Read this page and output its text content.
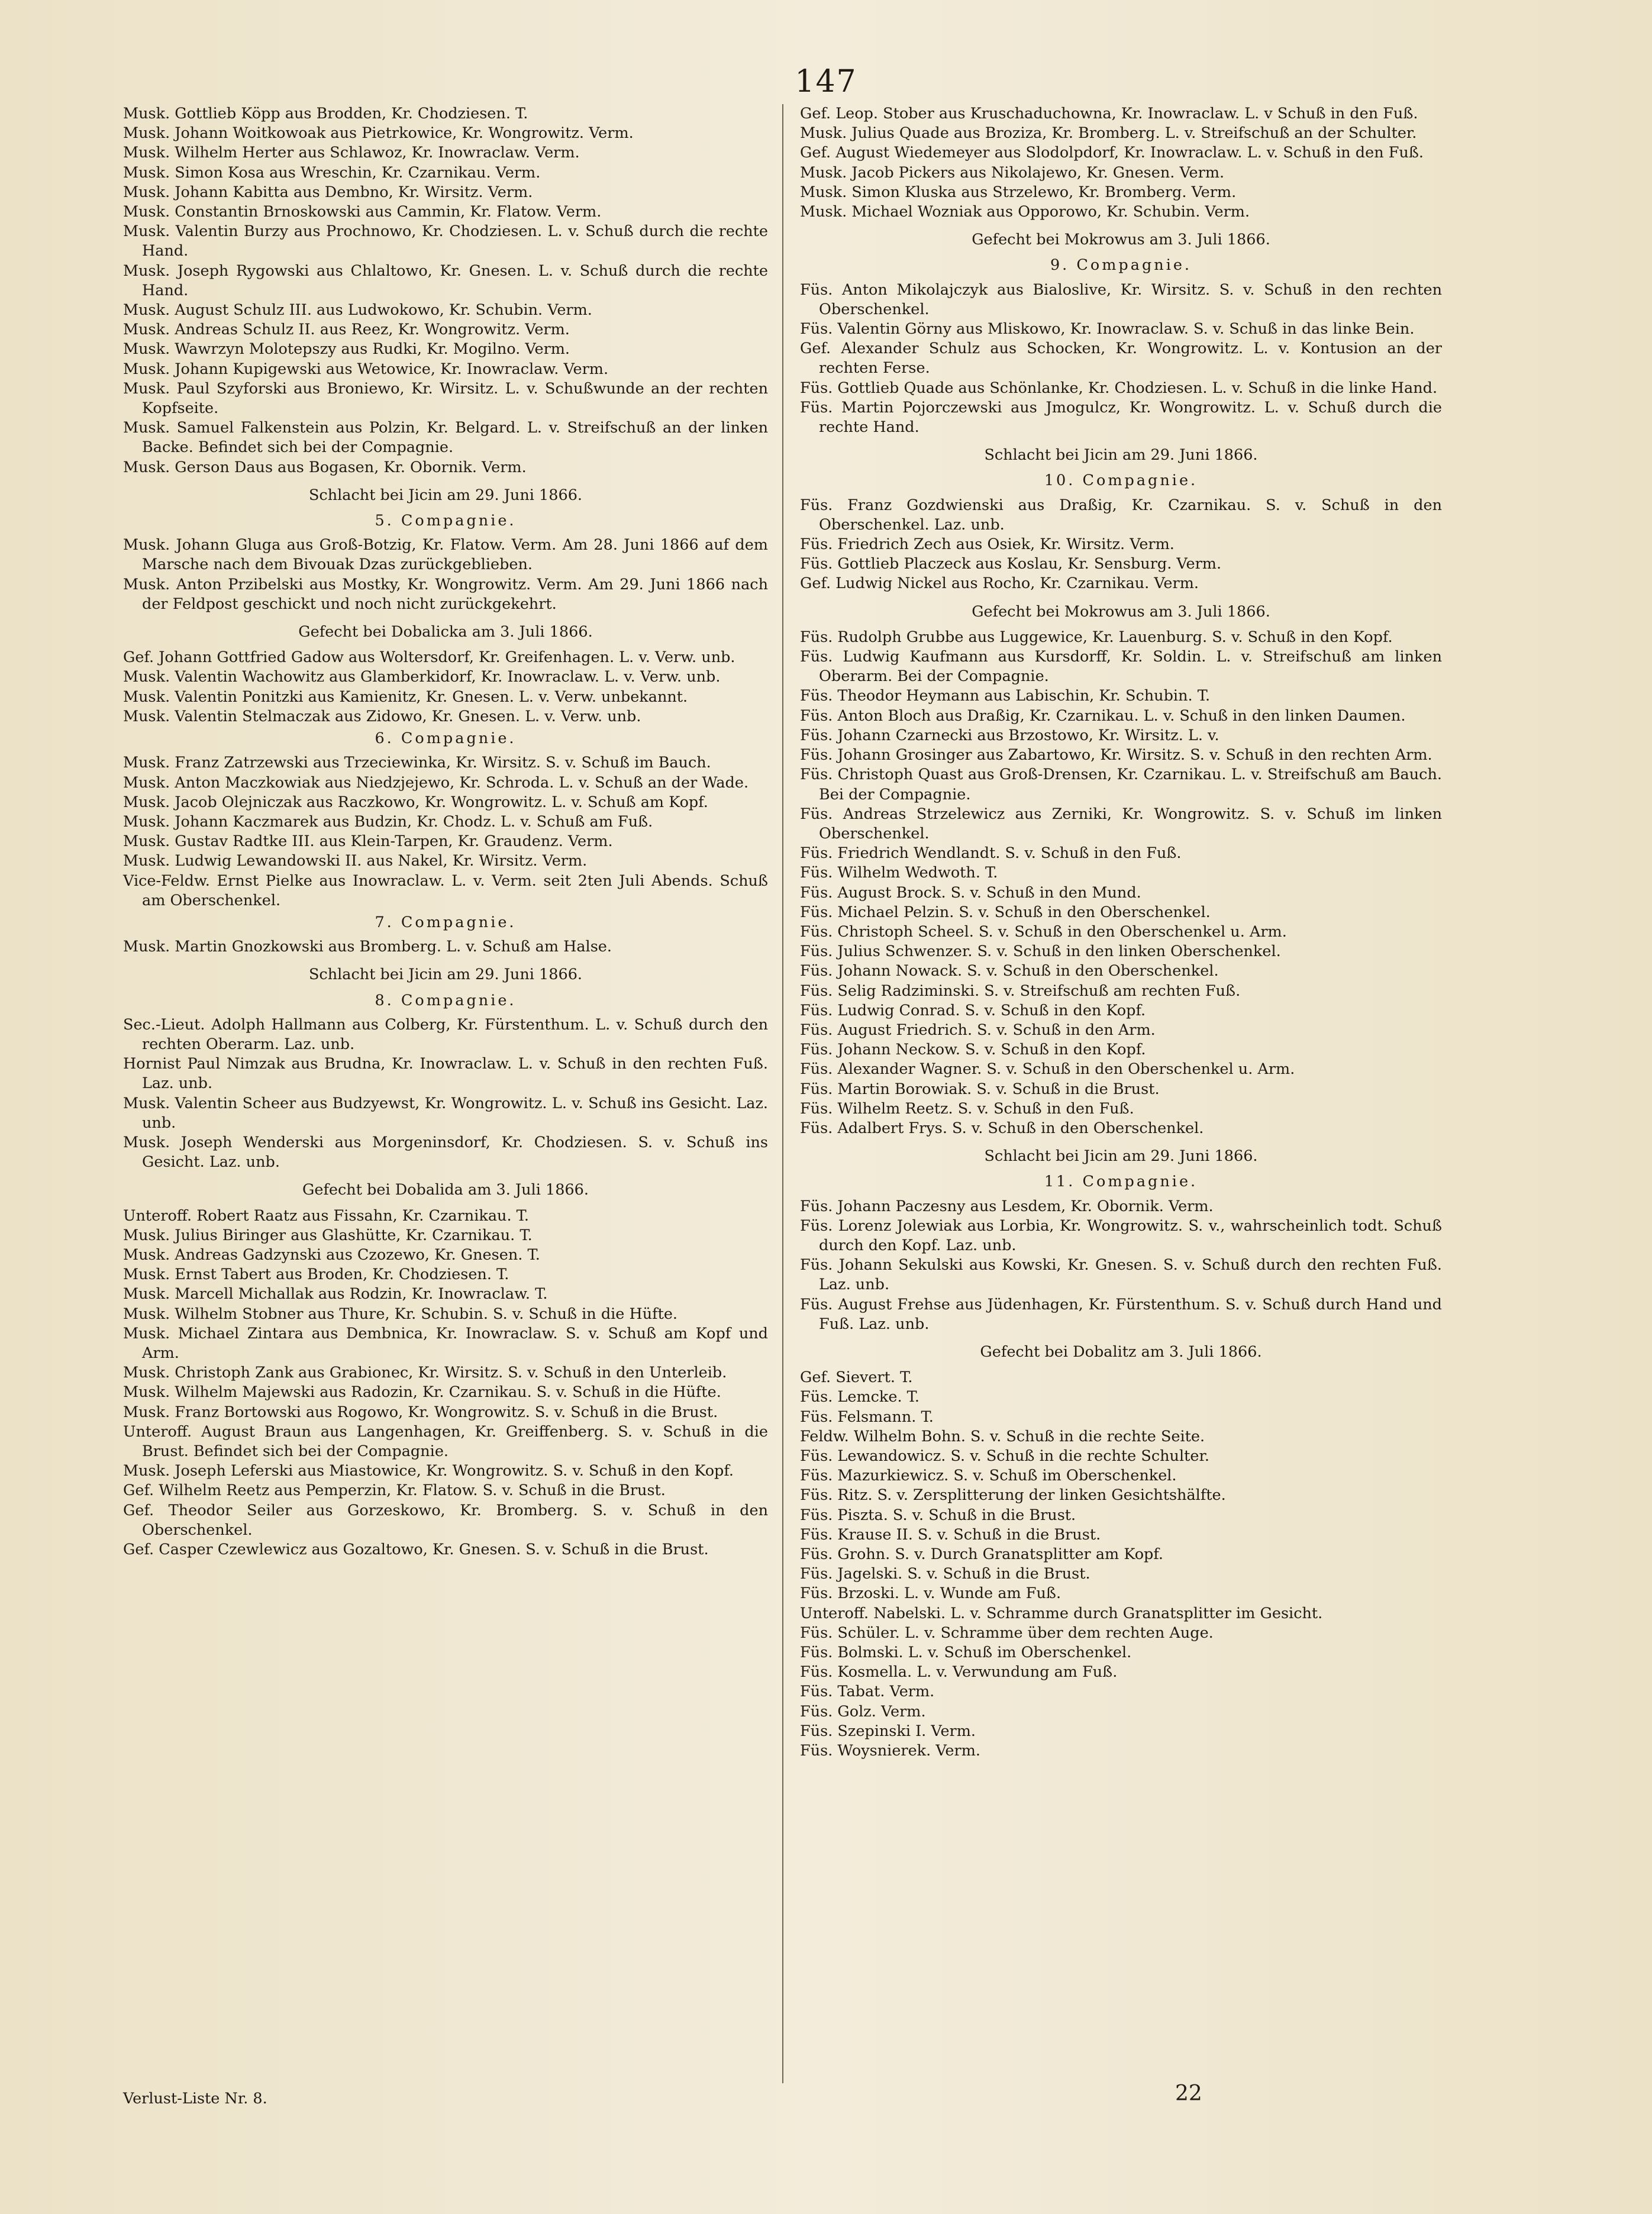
147
Musk. Gottlieb Köpp aus Brodden, Kr. Chodziesen. T.
Musk. Johann Woitkowoak aus Pietrkowice, Kr. Wongrowitz. Verm.
Musk. Wilhelm Herter aus Schlawoz, Kr. Inowraclaw. Verm.
Musk. Simon Kosa aus Wreschin, Kr. Czarnikau. Verm.
Musk. Johann Kabitta aus Dembno, Kr. Wirsitz. Verm.
Musk. Constantin Brnoskowski aus Cammin, Kr. Flatow. Verm.
Musk. Valentin Burzy aus Prochnowo, Kr. Chodziesen. L. v. Schuß durch die rechte Hand.
Musk. Joseph Rygowski aus Chlaltowo, Kr. Gnesen. L. v. Schuß durch die rechte Hand.
Musk. August Schulz III. aus Ludwokowo, Kr. Schubin. Verm.
Musk. Andreas Schulz II. aus Reez, Kr. Wongrowitz. Verm.
Musk. Wawrzyn Molotepszy aus Rudki, Kr. Mogilno. Verm.
Musk. Johann Kupigewski aus Wetowice, Kr. Inowraclaw. Verm.
Musk. Paul Szyforski aus Broniewo, Kr. Wirsitz. L. v. Schußwunde an der rechten Kopfseite.
Musk. Samuel Falkenstein aus Polzin, Kr. Belgard. L. v. Streifschuß an der linken Backe. Befindet sich bei der Compagnie.
Musk. Gerson Daus aus Bogasen, Kr. Obornik. Verm.
Schlacht bei Jicin am 29. Juni 1866.
5. Compagnie.
Musk. Johann Gluga aus Groß-Botzig, Kr. Flatow. Verm. Am 28. Juni 1866 auf dem Marsche nach dem Bivouak Dzas zurückgeblieben.
Musk. Anton Przibelski aus Mostky, Kr. Wongrowitz. Verm. Am 29. Juni 1866 nach der Feldpost geschickt und noch nicht zurückgekehrt.
Gefecht bei Dobalicka am 3. Juli 1866.
Gef. Johann Gottfried Gadow aus Woltersdorf, Kr. Greifenhagen. L. v. Verw. unb.
Musk. Valentin Wachowitz aus Glamberkidorf, Kr. Inowraclaw. L. v. Verw. unb.
Musk. Valentin Ponitzki aus Kamienitz, Kr. Gnesen. L. v. Verw. unbekannt.
Musk. Valentin Stelmaczak aus Zidowo, Kr. Gnesen. L. v. Verw. unb.
6. Compagnie.
Musk. Franz Zatrzewski aus Trzeciewinka, Kr. Wirsitz. S. v. Schuß im Bauch.
Musk. Anton Maczkowiak aus Niedzjejewo, Kr. Schroda. L. v. Schuß an der Wade.
Musk. Jacob Olejniczak aus Raczkowo, Kr. Wongrowitz. L. v. Schuß am Kopf.
Musk. Johann Kaczmarek aus Budzin, Kr. Chodz. L. v. Schuß am Fuß.
Musk. Gustav Radtke III. aus Klein-Tarpen, Kr. Graudenz. Verm.
Musk. Ludwig Lewandowski II. aus Nakel, Kr. Wirsitz. Verm.
Vice-Feldw. Ernst Pielke aus Inowraclaw. L. v. Verm. seit 2ten Juli Abends. Schuß am Oberschenkel.
7. Compagnie.
Musk. Martin Gnozkowski aus Bromberg. L. v. Schuß am Halse.
Schlacht bei Jicin am 29. Juni 1866.
8. Compagnie.
Sec.-Lieut. Adolph Hallmann aus Colberg, Kr. Fürstenthum. L. v. Schuß durch den rechten Oberarm. Laz. unb.
Hornist Paul Nimzak aus Brudna, Kr. Inowraclaw. L. v. Schuß in den rechten Fuß. Laz. unb.
Musk. Valentin Scheer aus Budzyewst, Kr. Wongrowitz. L. v. Schuß ins Gesicht. Laz. unb.
Musk. Joseph Wenderski aus Morgeninsdorf, Kr. Chodziesen. S. v. Schuß ins Gesicht. Laz. unb.
Gefecht bei Dobalida am 3. Juli 1866.
Unteroff. Robert Raatz aus Fissahn, Kr. Czarnikau. T.
Musk. Julius Biringer aus Glashütte, Kr. Czarnikau. T.
Musk. Andreas Gadzynski aus Czozewo, Kr. Gnesen. T.
Musk. Ernst Tabert aus Broden, Kr. Chodziesen. T.
Musk. Marcell Michallak aus Rodzin, Kr. Inowraclaw. T.
Musk. Wilhelm Stobner aus Thure, Kr. Schubin. S. v. Schuß in die Hüfte.
Musk. Michael Zintara aus Dembnica, Kr. Inowraclaw. S. v. Schuß am Kopf und Arm.
Musk. Christoph Zank aus Grabionec, Kr. Wirsitz. S. v. Schuß in den Unterleib.
Musk. Wilhelm Majewski aus Radozin, Kr. Czarnikau. S. v. Schuß in die Hüfte.
Musk. Franz Bortowski aus Rogowo, Kr. Wongrowitz. S. v. Schuß in die Brust.
Unteroff. August Braun aus Langenhagen, Kr. Greiffenberg. S. v. Schuß in die Brust. Befindet sich bei der Compagnie.
Musk. Joseph Leferski aus Miastowice, Kr. Wongrowitz. S. v. Schuß in den Kopf.
Gef. Wilhelm Reetz aus Pemperzin, Kr. Flatow. S. v. Schuß in die Brust.
Gef. Theodor Seiler aus Gorzeskowo, Kr. Bromberg. S. v. Schuß in den Oberschenkel.
Gef. Casper Czewlewicz aus Gozaltowo, Kr. Gnesen. S. v. Schuß in die Brust.
Gef. Leop. Stober aus Kruschaduchowna, Kr. Inowraclaw. L. v Schuß in den Fuß.
Musk. Julius Quade aus Broziza, Kr. Bromberg. L. v. Streifschuß an der Schulter.
Gef. August Wiedemeyer aus Slodolpdorf, Kr. Inowraclaw. L. v. Schuß in den Fuß.
Musk. Jacob Pickers aus Nikolajewo, Kr. Gnesen. Verm.
Musk. Simon Kluska aus Strzelewo, Kr. Bromberg. Verm.
Musk. Michael Wozniak aus Opporowo, Kr. Schubin. Verm.
Gefecht bei Mokrowus am 3. Juli 1866.
9. Compagnie.
Füs. Anton Mikolajczyk aus Bialoslive, Kr. Wirsitz. S. v. Schuß in den rechten Oberschenkel.
Füs. Valentin Görny aus Mliskowo, Kr. Inowraclaw. S. v. Schuß in das linke Bein.
Gef. Alexander Schulz aus Schocken, Kr. Wongrowitz. L. v. Kontusion an der rechten Ferse.
Füs. Gottlieb Quade aus Schönlanke, Kr. Chodziesen. L. v. Schuß in die linke Hand.
Füs. Martin Pojorczewski aus Jmogulcz, Kr. Wongrowitz. L. v. Schuß durch die rechte Hand.
Schlacht bei Jicin am 29. Juni 1866.
10. Compagnie.
Füs. Franz Gozdwienski aus Draßig, Kr. Czarnikau. S. v. Schuß in den Oberschenkel. Laz. unb.
Füs. Friedrich Zech aus Osiek, Kr. Wirsitz. Verm.
Füs. Gottlieb Placzeck aus Koslau, Kr. Sensburg. Verm.
Gef. Ludwig Nickel aus Rocho, Kr. Czarnikau. Verm.
Gefecht bei Mokrowus am 3. Juli 1866.
Füs. Rudolph Grubbe aus Luggewice, Kr. Lauenburg. S. v. Schuß in den Kopf.
Füs. Ludwig Kaufmann aus Kursdorff, Kr. Soldin. L. v. Streifschuß am linken Oberarm. Bei der Compagnie.
Füs. Theodor Heymann aus Labischin, Kr. Schubin. T.
Füs. Anton Bloch aus Draßig, Kr. Czarnikau. L. v. Schuß in den linken Daumen.
Füs. Johann Czarnecki aus Brzostowo, Kr. Wirsitz. L. v.
Füs. Johann Grosinger aus Zabartowo, Kr. Wirsitz. S. v. Schuß in den rechten Arm.
Füs. Christoph Quast aus Groß-Drensen, Kr. Czarnikau. L. v. Streifschuß am Bauch. Bei der Compagnie.
Füs. Andreas Strzelewicz aus Zerniki, Kr. Wongrowitz. S. v. Schuß im linken Oberschenkel.
Füs. Friedrich Wendlandt. S. v. Schuß in den Fuß.
Füs. Wilhelm Wedwoth. T.
Füs. August Brock. S. v. Schuß in den Mund.
Füs. Michael Pelzin. S. v. Schuß in den Oberschenkel.
Füs. Christoph Scheel. S. v. Schuß in den Oberschenkel u. Arm.
Füs. Julius Schwenzer. S. v. Schuß in den linken Oberschenkel.
Füs. Johann Nowack. S. v. Schuß in den Oberschenkel.
Füs. Selig Radziminski. S. v. Streifschuß am rechten Fuß.
Füs. Ludwig Conrad. S. v. Schuß in den Kopf.
Füs. August Friedrich. S. v. Schuß in den Arm.
Füs. Johann Neckow. S. v. Schuß in den Kopf.
Füs. Alexander Wagner. S. v. Schuß in den Oberschenkel u. Arm.
Füs. Martin Borowiak. S. v. Schuß in die Brust.
Füs. Wilhelm Reetz. S. v. Schuß in den Fuß.
Füs. Adalbert Frys. S. v. Schuß in den Oberschenkel.
Schlacht bei Jicin am 29. Juni 1866.
11. Compagnie.
Füs. Johann Paczesny aus Lesdem, Kr. Obornik. Verm.
Füs. Lorenz Jolewiak aus Lorbia, Kr. Wongrowitz. S. v., wahrscheinlich todt. Schuß durch den Kopf. Laz. unb.
Füs. Johann Sekulski aus Kowski, Kr. Gnesen. S. v. Schuß durch den rechten Fuß. Laz. unb.
Füs. August Frehse aus Jüdenhagen, Kr. Fürstenthum. S. v. Schuß durch Hand und Fuß. Laz. unb.
Gefecht bei Dobalitz am 3. Juli 1866.
Gef. Sievert. T.
Füs. Lemcke. T.
Füs. Felsmann. T.
Feldw. Wilhelm Bohn. S. v. Schuß in die rechte Seite.
Füs. Lewandowicz. S. v. Schuß in die rechte Schulter.
Füs. Mazurkiewicz. S. v. Schuß im Oberschenkel.
Füs. Ritz. S. v. Zersplitterung der linken Gesichtshälfte.
Füs. Piszta. S. v. Schuß in die Brust.
Füs. Krause II. S. v. Schuß in die Brust.
Füs. Grohn. S. v. Durch Granatsplitter am Kopf.
Füs. Jagelski. S. v. Schuß in die Brust.
Füs. Brzoski. L. v. Wunde am Fuß.
Unteroff. Nabelski. L. v. Schramme durch Granatsplitter im Gesicht.
Füs. Schüler. L. v. Schramme über dem rechten Auge.
Füs. Bolmski. L. v. Schuß im Oberschenkel.
Füs. Kosmella. L. v. Verwundung am Fuß.
Füs. Tabat. Verm.
Füs. Golz. Verm.
Füs. Szepinski I. Verm.
Füs. Woysnierek. Verm.
Verlust-Liste Nr. 8.	22
